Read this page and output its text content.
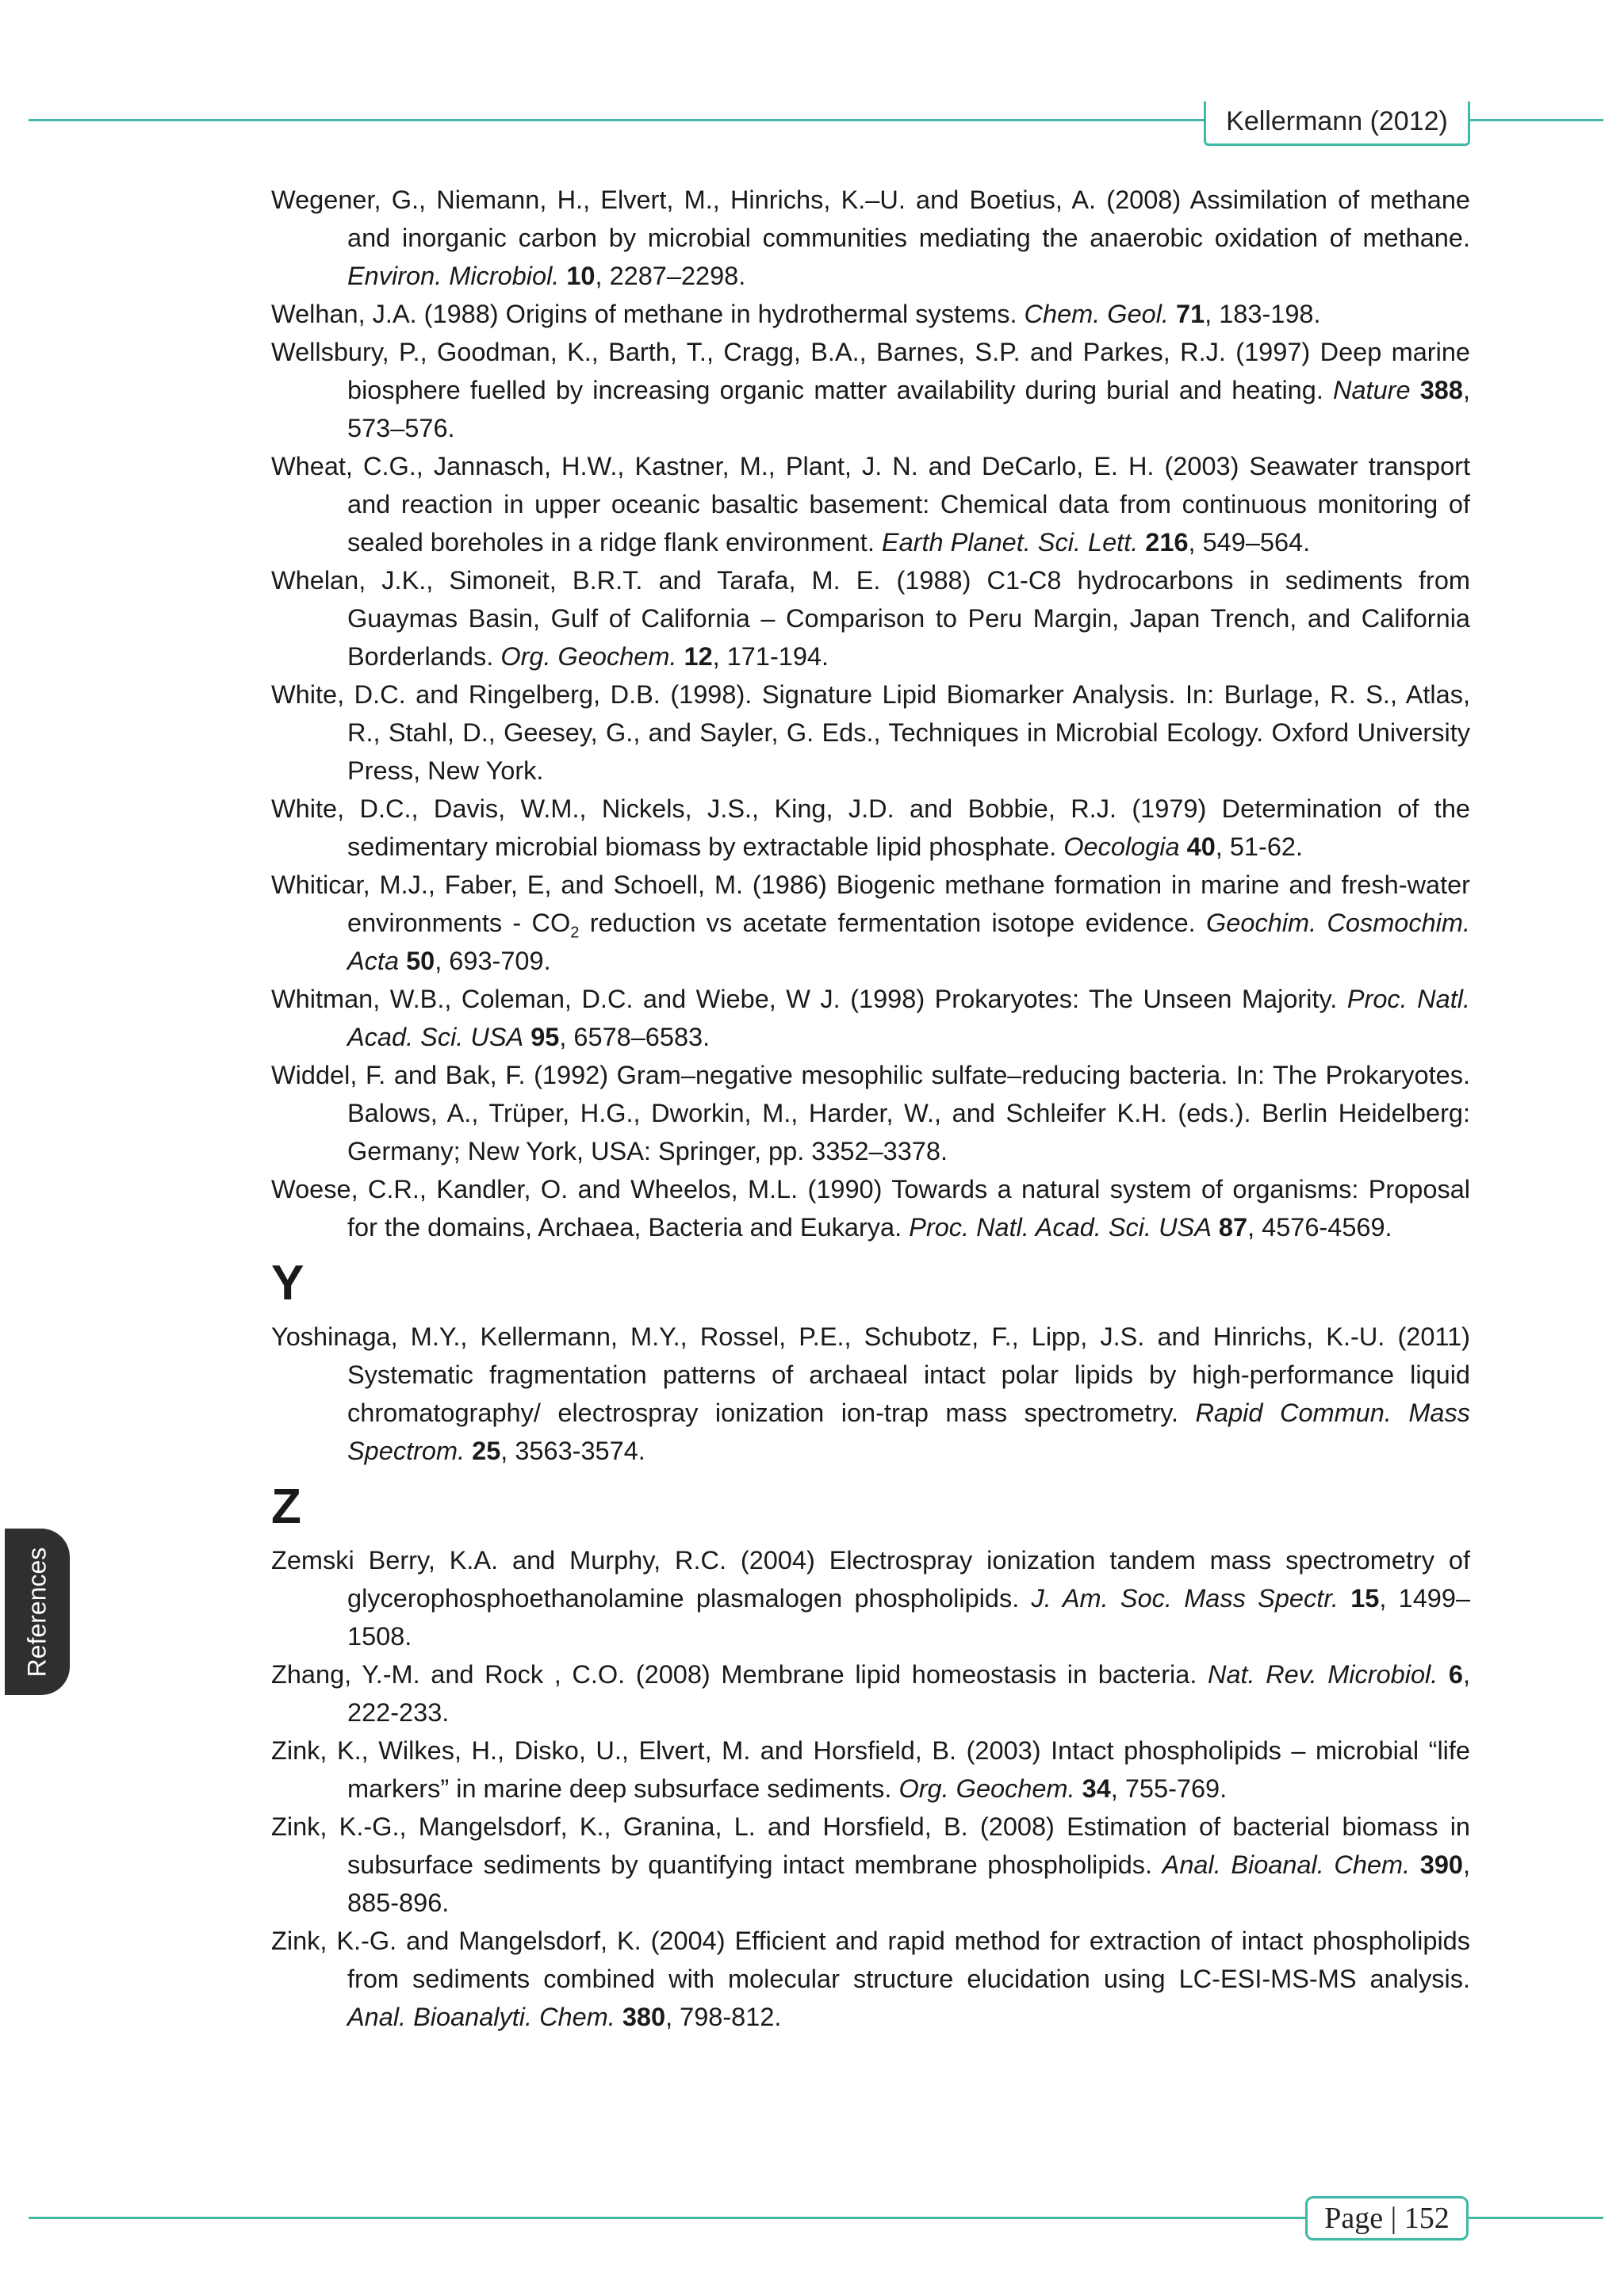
Kellermann (2012)

Wegener, G., Niemann, H., Elvert, M., Hinrichs, K.–U. and Boetius, A. (2008) Assimilation of methane and inorganic carbon by microbial communities mediating the anaerobic oxidation of methane. Environ. Microbiol. 10, 2287–2298.

Welhan, J.A. (1988) Origins of methane in hydrothermal systems. Chem. Geol. 71, 183-198.

Wellsbury, P., Goodman, K., Barth, T., Cragg, B.A., Barnes, S.P. and Parkes, R.J. (1997) Deep marine biosphere fuelled by increasing organic matter availability during burial and heating. Nature 388, 573–576.

Wheat, C.G., Jannasch, H.W., Kastner, M., Plant, J. N. and DeCarlo, E. H. (2003) Seawater transport and reaction in upper oceanic basaltic basement: Chemical data from continuous monitoring of sealed boreholes in a ridge flank environment. Earth Planet. Sci. Lett. 216, 549–564.

Whelan, J.K., Simoneit, B.R.T. and Tarafa, M. E. (1988) C1-C8 hydrocarbons in sediments from Guaymas Basin, Gulf of California – Comparison to Peru Margin, Japan Trench, and California Borderlands. Org. Geochem. 12, 171-194.

White, D.C. and Ringelberg, D.B. (1998). Signature Lipid Biomarker Analysis. In: Burlage, R. S., Atlas, R., Stahl, D., Geesey, G., and Sayler, G. Eds., Techniques in Microbial Ecology. Oxford University Press, New York.

White, D.C., Davis, W.M., Nickels, J.S., King, J.D. and Bobbie, R.J. (1979) Determination of the sedimentary microbial biomass by extractable lipid phosphate. Oecologia 40, 51-62.

Whiticar, M.J., Faber, E, and Schoell, M. (1986) Biogenic methane formation in marine and fresh-water environments - $CO_2$ reduction vs acetate fermentation isotope evidence. Geochim. Cosmochim. Acta 50, 693-709.

Whitman, W.B., Coleman, D.C. and Wiebe, W J. (1998) Prokaryotes: The Unseen Majority. Proc. Natl. Acad. Sci. USA 95, 6578–6583.

Widdel, F. and Bak, F. (1992) Gram–negative mesophilic sulfate–reducing bacteria. In: The Prokaryotes. Balows, A., Trüper, H.G., Dworkin, M., Harder, W., and Schleifer K.H. (eds.). Berlin Heidelberg: Germany; New York, USA: Springer, pp. 3352–3378.

Woese, C.R., Kandler, O. and Wheelos, M.L. (1990) Towards a natural system of organisms: Proposal for the domains, Archaea, Bacteria and Eukarya. Proc. Natl. Acad. Sci. USA 87, 4576-4569.

Y

Yoshinaga, M.Y., Kellermann, M.Y., Rossel, P.E., Schubotz, F., Lipp, J.S. and Hinrichs, K.-U. (2011) Systematic fragmentation patterns of archaeal intact polar lipids by high-performance liquid chromatography/ electrospray ionization ion-trap mass spectrometry. Rapid Commun. Mass Spectrom. 25, 3563-3574.

Z

Zemski Berry, K.A. and Murphy, R.C. (2004) Electrospray ionization tandem mass spectrometry of glycerophosphoethanolamine plasmalogen phospholipids. J. Am. Soc. Mass Spectr. 15, 1499–1508.

Zhang, Y.-M. and Rock , C.O. (2008) Membrane lipid homeostasis in bacteria. Nat. Rev. Microbiol. 6, 222-233.

Zink, K., Wilkes, H., Disko, U., Elvert, M. and Horsfield, B. (2003) Intact phospholipids – microbial “life markers” in marine deep subsurface sediments. Org. Geochem. 34, 755-769.

Zink, K.-G., Mangelsdorf, K., Granina, L. and Horsfield, B. (2008) Estimation of bacterial biomass in subsurface sediments by quantifying intact membrane phospholipids. Anal. Bioanal. Chem. 390, 885-896.

Zink, K.-G. and Mangelsdorf, K. (2004) Efficient and rapid method for extraction of intact phospholipids from sediments combined with molecular structure elucidation using LC-ESI-MS-MS analysis. Anal. Bioanalyti. Chem. 380, 798-812.

References
Page | 152
